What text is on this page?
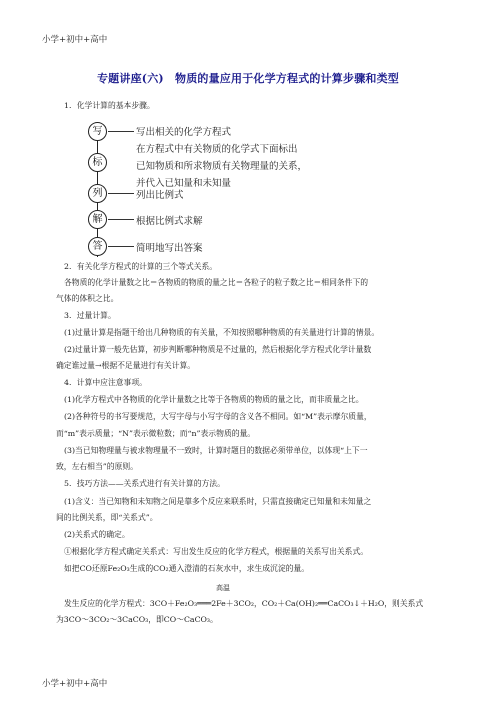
小学+初中+高中
专题讲座(六)　物质的量应用于化学方程式的计算步骤和类型
1．化学计算的基本步骤。
写	写出相关的化学方程式
在方程式中有关物质的化学式下面标出
标	已知物质和所求物质有关物理量的关系，
并代入已知量和未知量
列	列出比例式
解	根据比例式求解
答	简明地写出答案
2．有关化学方程式的计算的三个等式关系。
各物质的化学计量数之比＝各物质的物质的量之比＝各粒子的粒子数之比＝相同条件下的
气体的体积之比。
3．过量计算。
(1)过量计算是指题干给出几种物质的有关量，不知按照哪种物质的有关量进行计算的情景。
(2)过量计算一般先估算，初步判断哪种物质是不过量的，然后根据化学方程式化学计量数
确定谁过量→根据不足量进行有关计算。
4．计算中应注意事项。
(1)化学方程式中各物质的化学计量数之比等于各物质的物质的量之比，而非质量之比。
(2)各种符号的书写要规范，大写字母与小写字母的含义各不相同。如“M”表示摩尔质量，
而“m”表示质量；“N”表示微粒数；而“n”表示物质的量。
(3)当已知物理量与被求物理量不一致时，计算时题目的数据必须带单位，以体现“上下一
致，左右相当”的原则。
5．技巧方法——关系式进行有关计算的方法。
(1)含义：当已知物和未知物之间是靠多个反应来联系时，只需直接确定已知量和未知量之
间的比例关系，即“关系式”。
(2)关系式的确定。
①根据化学方程式确定关系式：写出发生反应的化学方程式，根据量的关系写出关系式。
如把CO还原Fe₂O₃生成的CO₂通入澄清的石灰水中，求生成沉淀的量。
高温
发生反应的化学方程式：3CO＋Fe₂O₃═══2Fe＋3CO₂，CO₂＋Ca(OH)₂══CaCO₃↓＋H₂O，则关系式
为3CO～3CO₂～3CaCO₃，即CO～CaCO₃。
小学+初中+高中
